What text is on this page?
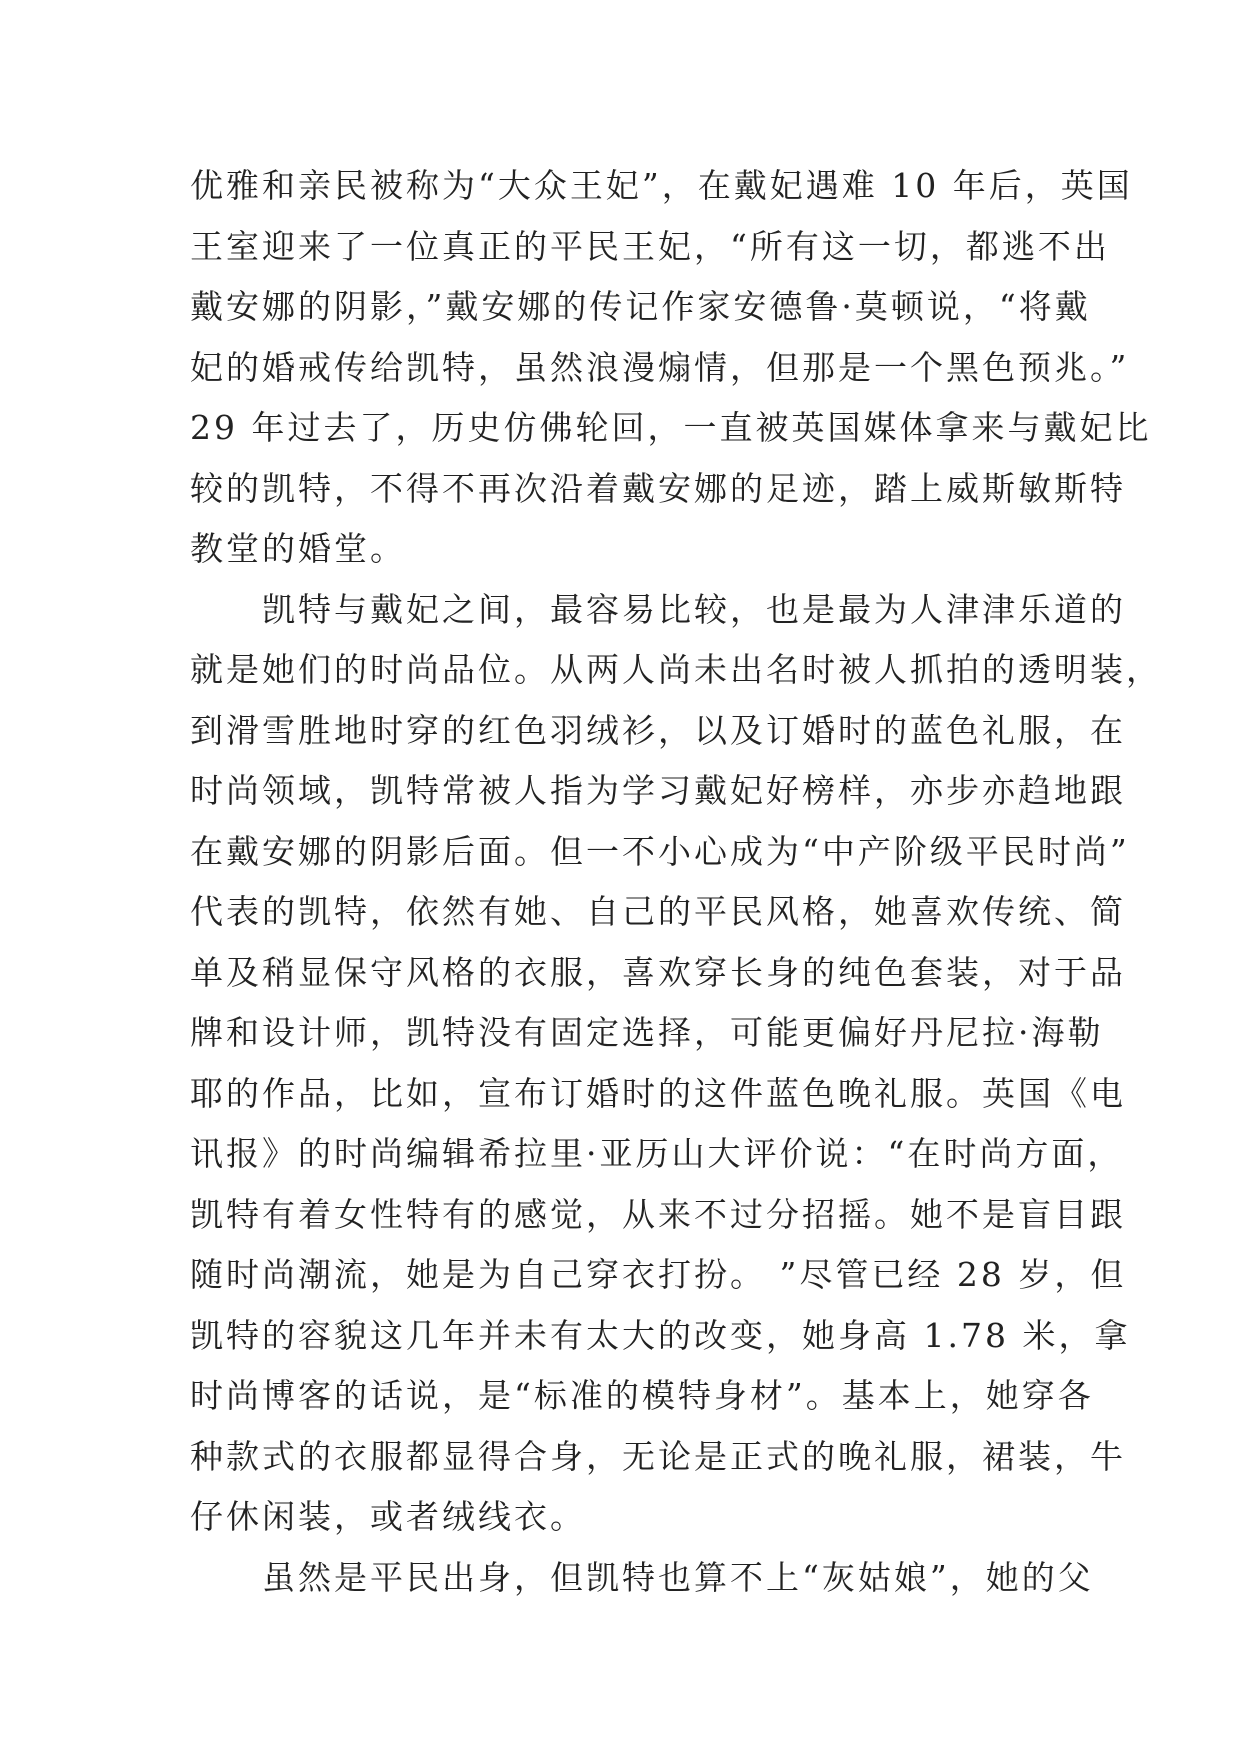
优雅和亲民被称为“大众王妃”，在戴妃遇难 10 年后，英国
王室迎来了一位真正的平民王妃，“所有这一切，都逃不出
戴安娜的阴影，”戴安娜的传记作家安德鲁·莫顿说，“将戴
妃的婚戒传给凯特，虽然浪漫煽情，但那是一个黑色预兆。”
29 年过去了，历史仿佛轮回，一直被英国媒体拿来与戴妃比
较的凯特，不得不再次沿着戴安娜的足迹，踏上威斯敏斯特
教堂的婚堂。
　　凯特与戴妃之间，最容易比较，也是最为人津津乐道的
就是她们的时尚品位。从两人尚未出名时被人抓拍的透明装，
到滑雪胜地时穿的红色羽绒衫，以及订婚时的蓝色礼服，在
时尚领域，凯特常被人指为学习戴妃好榜样，亦步亦趋地跟
在戴安娜的阴影后面。但一不小心成为“中产阶级平民时尚”
代表的凯特，依然有她、自己的平民风格，她喜欢传统、简
单及稍显保守风格的衣服，喜欢穿长身的纯色套装，对于品
牌和设计师，凯特没有固定选择，可能更偏好丹尼拉·海勒
耶的作品，比如，宣布订婚时的这件蓝色晚礼服。英国《电
讯报》的时尚编辑希拉里·亚历山大评价说：“在时尚方面，
凯特有着女性特有的感觉，从来不过分招摇。她不是盲目跟
随时尚潮流，她是为自己穿衣打扮。 ”尽管已经 28 岁，但
凯特的容貌这几年并未有太大的改变，她身高 1.78 米，拿
时尚博客的话说，是“标准的模特身材”。基本上，她穿各
种款式的衣服都显得合身，无论是正式的晚礼服，裙装，牛
仔休闲装，或者绒线衣。
　　虽然是平民出身，但凯特也算不上“灰姑娘”，她的父
